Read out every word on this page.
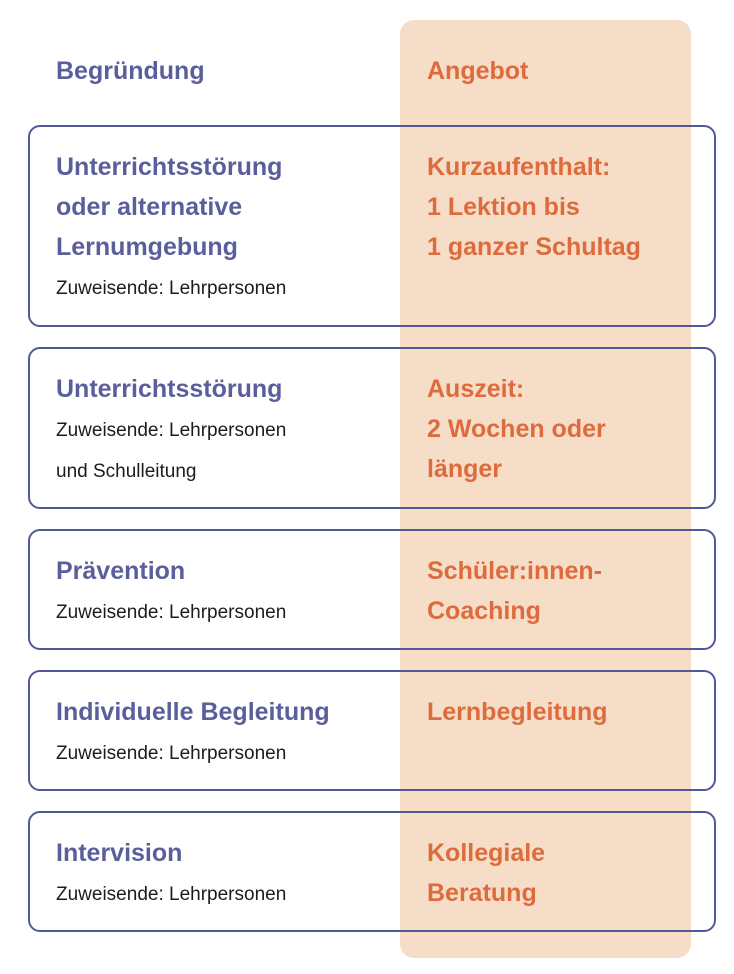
Begründung	Angebot
Unterrichtsstörung
oder alternative
Lernumgebung
Zuweisende: Lehrpersonen
Kurzaufenthalt:
1 Lektion bis
1 ganzer Schultag
Unterrichtsstörung
Zuweisende: Lehrpersonen
und Schulleitung
Auszeit:
2 Wochen oder
länger
Prävention
Zuweisende: Lehrpersonen
Schüler:innen-
Coaching
Individuelle Begleitung
Zuweisende: Lehrpersonen
Lernbegleitung
Intervision
Zuweisende: Lehrpersonen
Kollegiale
Beratung
